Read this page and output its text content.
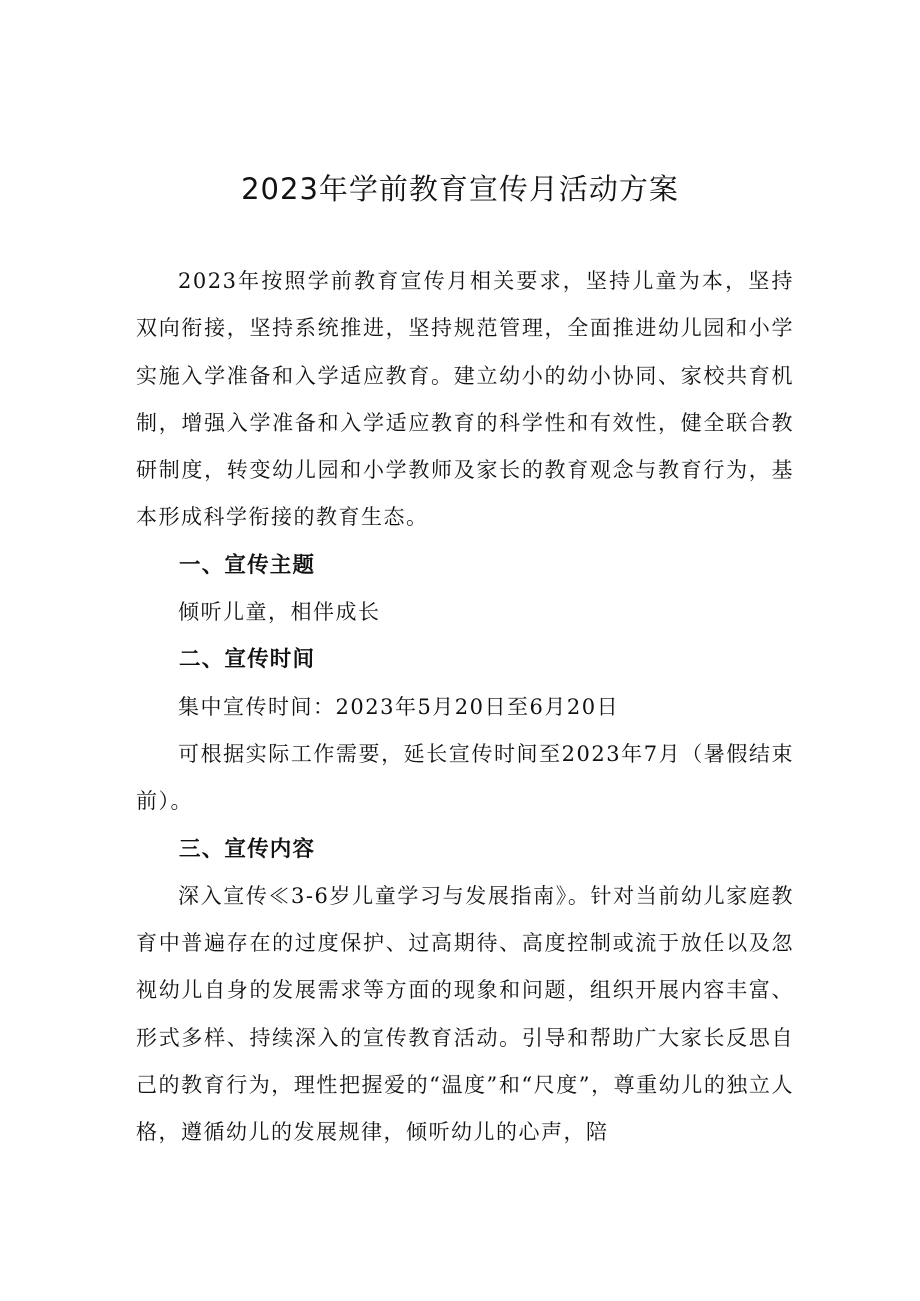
2023年学前教育宣传月活动方案

2023年按照学前教育宣传月相关要求，坚持儿童为本，坚持双向衔接，坚持系统推进，坚持规范管理，全面推进幼儿园和小学实施入学准备和入学适应教育。建立幼小的幼小协同、家校共育机制，增强入学准备和入学适应教育的科学性和有效性，健全联合教研制度，转变幼儿园和小学教师及家长的教育观念与教育行为，基本形成科学衔接的教育生态。

一、宣传主题

倾听儿童，相伴成长

二、宣传时间

集中宣传时间：2023年5月20日至6月20日

可根据实际工作需要，延长宣传时间至2023年7月（暑假结束前）。

三、宣传内容

深入宣传≪3-6岁儿童学习与发展指南》。针对当前幼儿家庭教育中普遍存在的过度保护、过高期待、高度控制或流于放任以及忽视幼儿自身的发展需求等方面的现象和问题，组织开展内容丰富、形式多样、持续深入的宣传教育活动。引导和帮助广大家长反思自己的教育行为，理性把握爱的“温度”和“尺度”，尊重幼儿的独立人格，遵循幼儿的发展规律，倾听幼儿的心声，陪
